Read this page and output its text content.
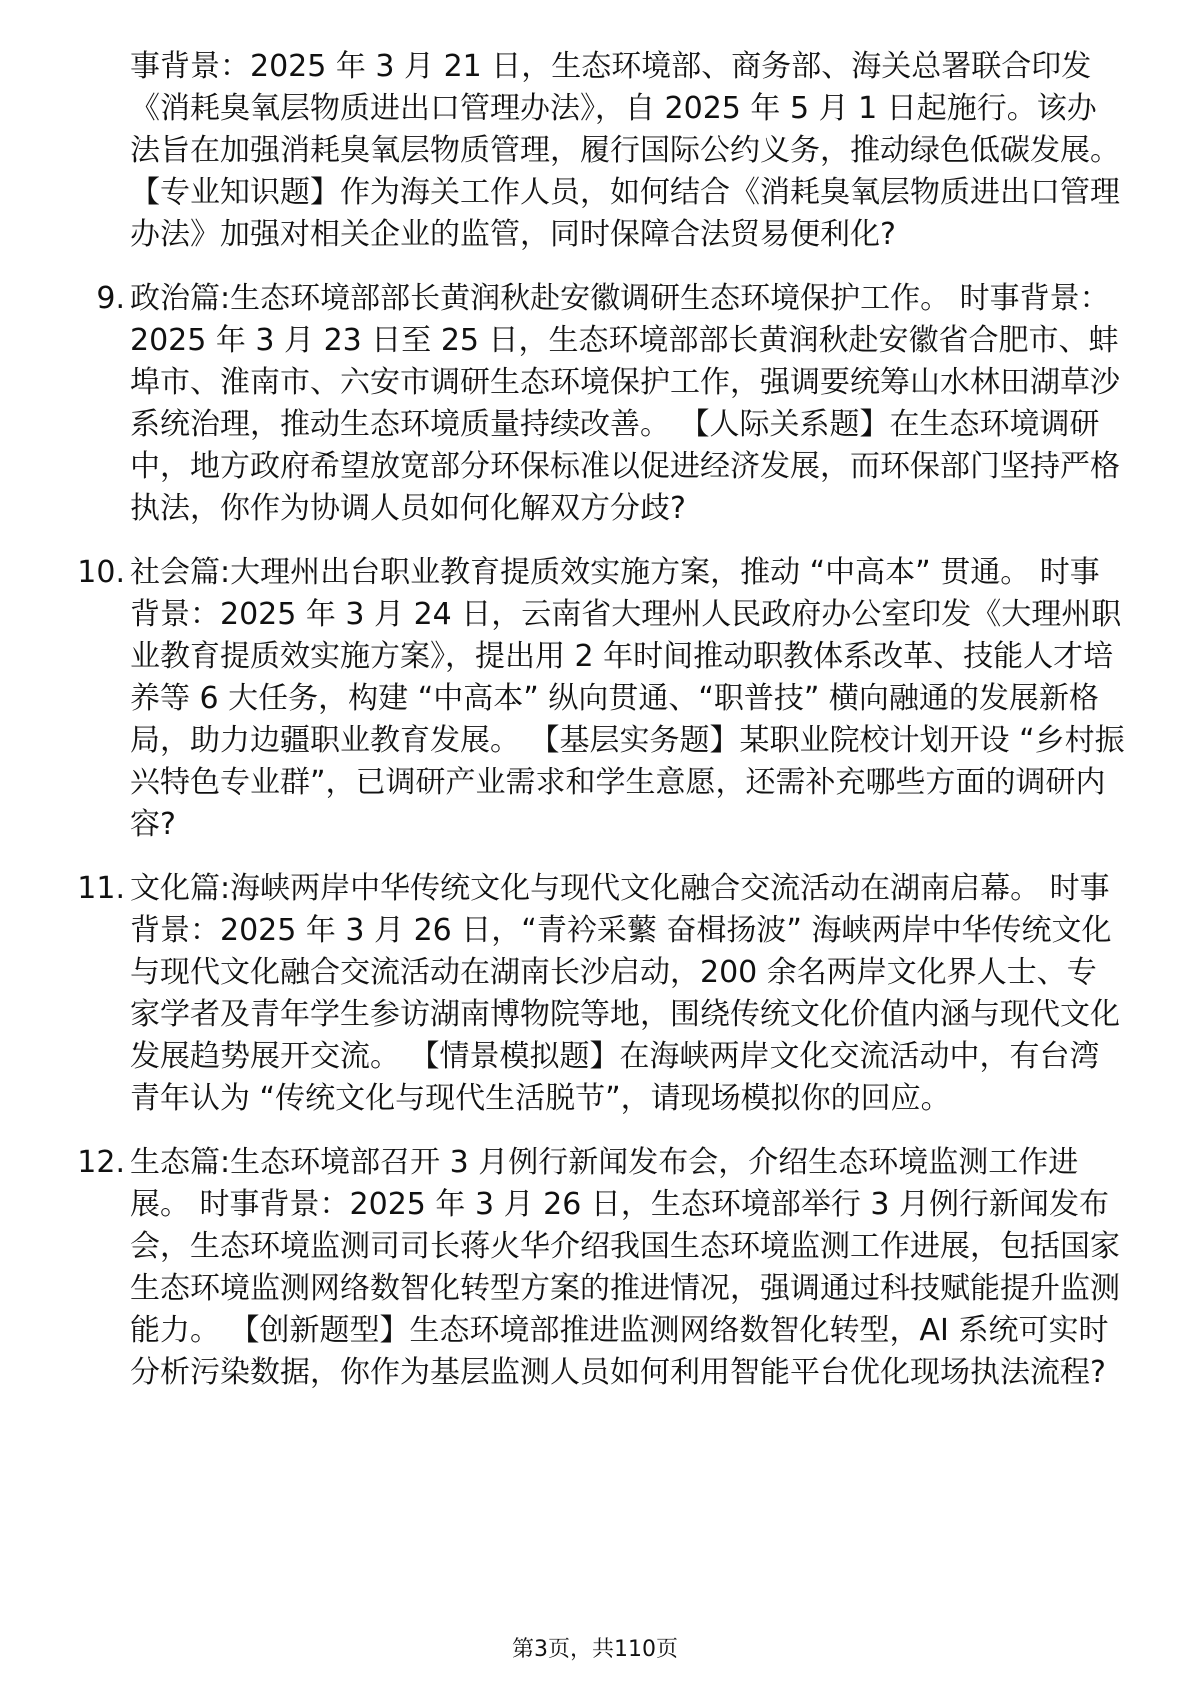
事背景：2025 年 3 月 21 日，生态环境部、商务部、海关总署联合印发《消耗臭氧层物质进出口管理办法》，自 2025 年 5 月 1 日起施行。该办法旨在加强消耗臭氧层物质管理，履行国际公约义务，推动绿色低碳发展。 【专业知识题】作为海关工作人员，如何结合《消耗臭氧层物质进出口管理办法》加强对相关企业的监管，同时保障合法贸易便利化?

9. 政治篇:生态环境部部长黄润秋赴安徽调研生态环境保护工作。 时事背景：2025 年 3 月 23 日至 25 日，生态环境部部长黄润秋赴安徽省合肥市、蚌埠市、淮南市、六安市调研生态环境保护工作，强调要统筹山水林田湖草沙系统治理，推动生态环境质量持续改善。 【人际关系题】在生态环境调研中，地方政府希望放宽部分环保标准以促进经济发展，而环保部门坚持严格执法，你作为协调人员如何化解双方分歧?
10. 社会篇:大理州出台职业教育提质效实施方案，推动 “中高本” 贯通。 时事背景：2025 年 3 月 24 日，云南省大理州人民政府办公室印发《大理州职业教育提质效实施方案》，提出用 2 年时间推动职教体系改革、技能人才培养等 6 大任务，构建 “中高本” 纵向贯通、“职普技” 横向融通的发展新格局，助力边疆职业教育发展。 【基层实务题】某职业院校计划开设 “乡村振兴特色专业群”，已调研产业需求和学生意愿，还需补充哪些方面的调研内容?
11. 文化篇:海峡两岸中华传统文化与现代文化融合交流活动在湖南启幕。 时事背景：2025 年 3 月 26 日，“青衿采蘩 奋楫扬波” 海峡两岸中华传统文化与现代文化融合交流活动在湖南长沙启动，200 余名两岸文化界人士、专家学者及青年学生参访湖南博物院等地，围绕传统文化价值内涵与现代文化发展趋势展开交流。 【情景模拟题】在海峡两岸文化交流活动中，有台湾青年认为 “传统文化与现代生活脱节”，请现场模拟你的回应。
12. 生态篇:生态环境部召开 3 月例行新闻发布会，介绍生态环境监测工作进展。 时事背景：2025 年 3 月 26 日，生态环境部举行 3 月例行新闻发布会，生态环境监测司司长蒋火华介绍我国生态环境监测工作进展，包括国家生态环境监测网络数智化转型方案的推进情况，强调通过科技赋能提升监测能力。 【创新题型】生态环境部推进监测网络数智化转型，AI 系统可实时分析污染数据，你作为基层监测人员如何利用智能平台优化现场执法流程?
第3页，共110页
